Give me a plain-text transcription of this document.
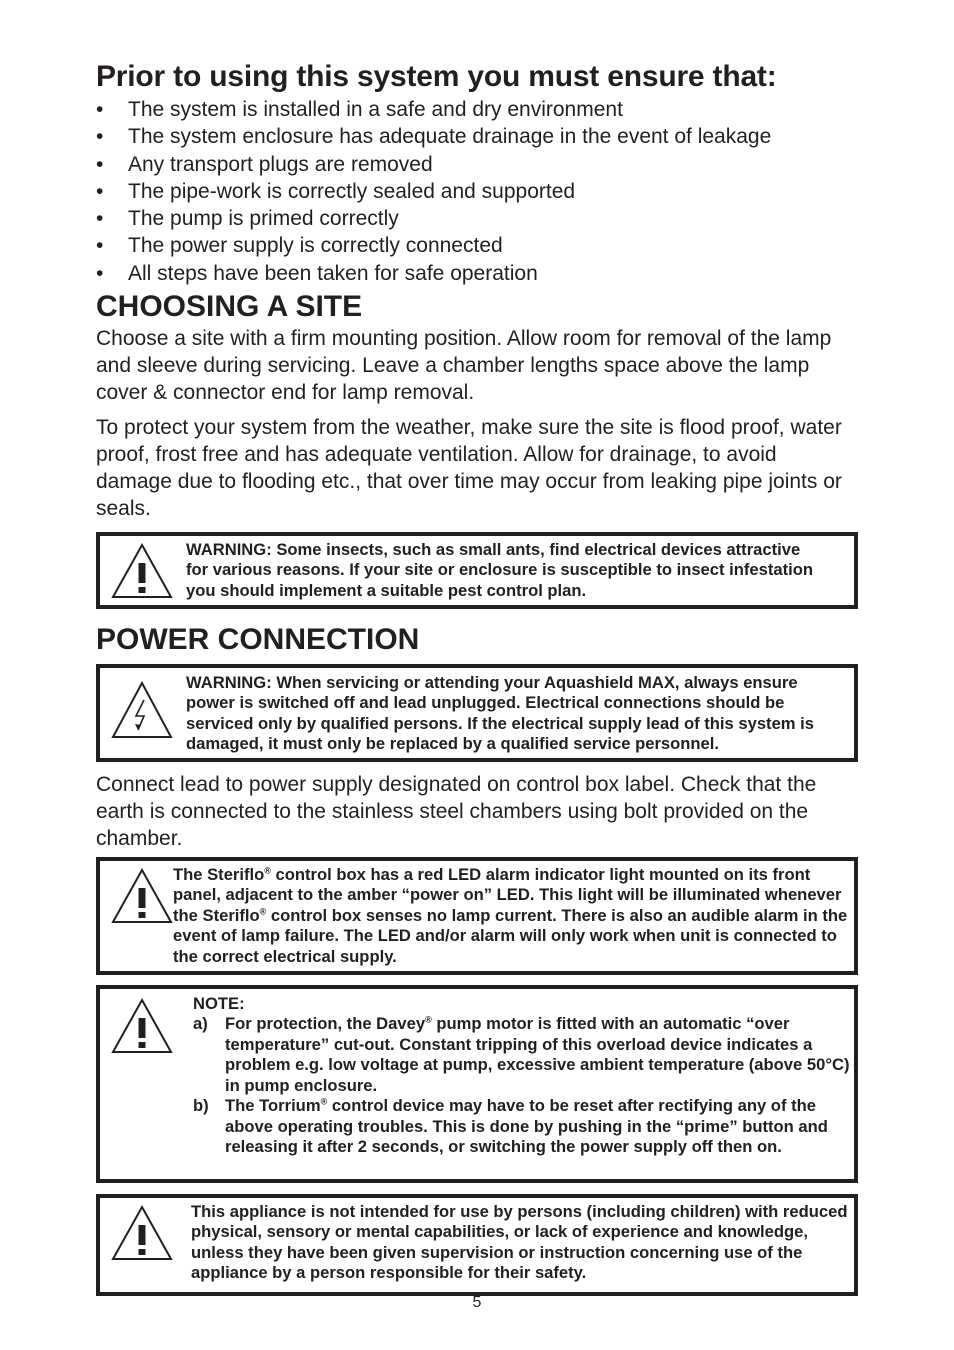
Prior to using this system you must ensure that:
• The system is installed in a safe and dry environment
• The system enclosure has adequate drainage in the event of leakage
• Any transport plugs are removed
• The pipe-work is correctly sealed and supported
• The pump is primed correctly
• The power supply is correctly connected
• All steps have been taken for safe operation
CHOOSING A SITE

Choose a site with a firm mounting position. Allow room for removal of the lamp and sleeve during servicing. Leave a chamber lengths space above the lamp cover & connector end for lamp removal.

To protect your system from the weather, make sure the site is flood proof, water proof, frost free and has adequate ventilation. Allow for drainage, to avoid damage due to flooding etc., that over time may occur from leaking pipe joints or seals.

WARNING: Some insects, such as small ants, find electrical devices attractive for various reasons. If your site or enclosure is susceptible to insect infestation you should implement a suitable pest control plan.
POWER CONNECTION
WARNING: When servicing or attending your Aquashield MAX, always ensure power is switched off and lead unplugged. Electrical connections should be serviced only by qualified persons. If the electrical supply lead of this system is damaged, it must only be replaced by a qualified service personnel.

Connect lead to power supply designated on control box label. Check that the earth is connected to the stainless steel chambers using bolt provided on the chamber.

The Steriflo® control box has a red LED alarm indicator light mounted on its front panel, adjacent to the amber “power on” LED. This light will be illuminated whenever the Steriflo® control box senses no lamp current. There is also an audible alarm in the event of lamp failure. The LED and/or alarm will only work when unit is connected to the correct electrical supply.
NOTE:
a) For protection, the Davey® pump motor is fitted with an automatic “over temperature” cut-out. Constant tripping of this overload device indicates a problem e.g. low voltage at pump, excessive ambient temperature (above 50°C) in pump enclosure.
b) The Torrium® control device may have to be reset after rectifying any of the above operating troubles. This is done by pushing in the “prime” button and releasing it after 2 seconds, or switching the power supply off then on.
This appliance is not intended for use by persons (including children) with reduced physical, sensory or mental capabilities, or lack of experience and knowledge, unless they have been given supervision or instruction concerning use of the appliance by a person responsible for their safety.
5
